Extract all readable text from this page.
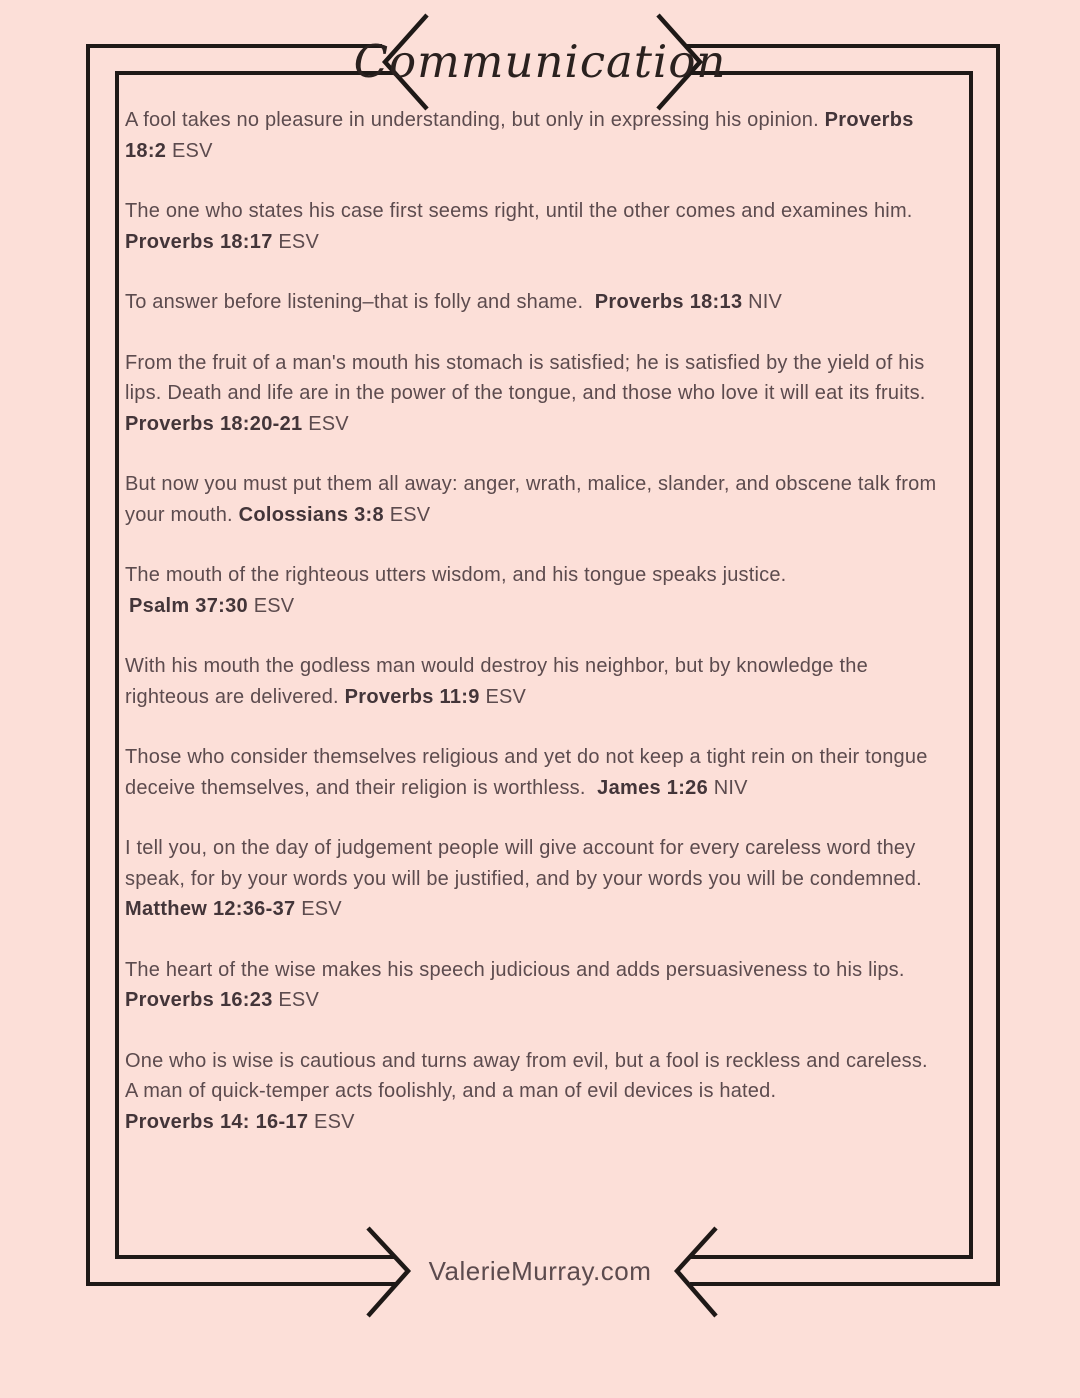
Communication

A fool takes no pleasure in understanding, but only in expressing his opinion. Proverbs 18:2 ESV

The one who states his case first seems right, until the other comes and examines him. Proverbs 18:17 ESV

To answer before listening–that is folly and shame.  Proverbs 18:13 NIV

From the fruit of a man's mouth his stomach is satisfied; he is satisfied by the yield of his lips. Death and life are in the power of the tongue, and those who love it will eat its fruits. Proverbs 18:20-21 ESV

But now you must put them all away: anger, wrath, malice, slander, and obscene talk from your mouth. Colossians 3:8 ESV

The mouth of the righteous utters wisdom, and his tongue speaks justice.
Psalm 37:30 ESV

With his mouth the godless man would destroy his neighbor, but by knowledge the righteous are delivered. Proverbs 11:9 ESV

Those who consider themselves religious and yet do not keep a tight rein on their tongue deceive themselves, and their religion is worthless.  James 1:26 NIV

I tell you, on the day of judgement people will give account for every careless word they speak, for by your words you will be justified, and by your words you will be condemned.  Matthew 12:36-37 ESV

The heart of the wise makes his speech judicious and adds persuasiveness to his lips.
Proverbs 16:23 ESV

One who is wise is cautious and turns away from evil, but a fool is reckless and careless. A man of quick-temper acts foolishly, and a man of evil devices is hated.
Proverbs 14: 16-17 ESV

ValerieMurray.com
